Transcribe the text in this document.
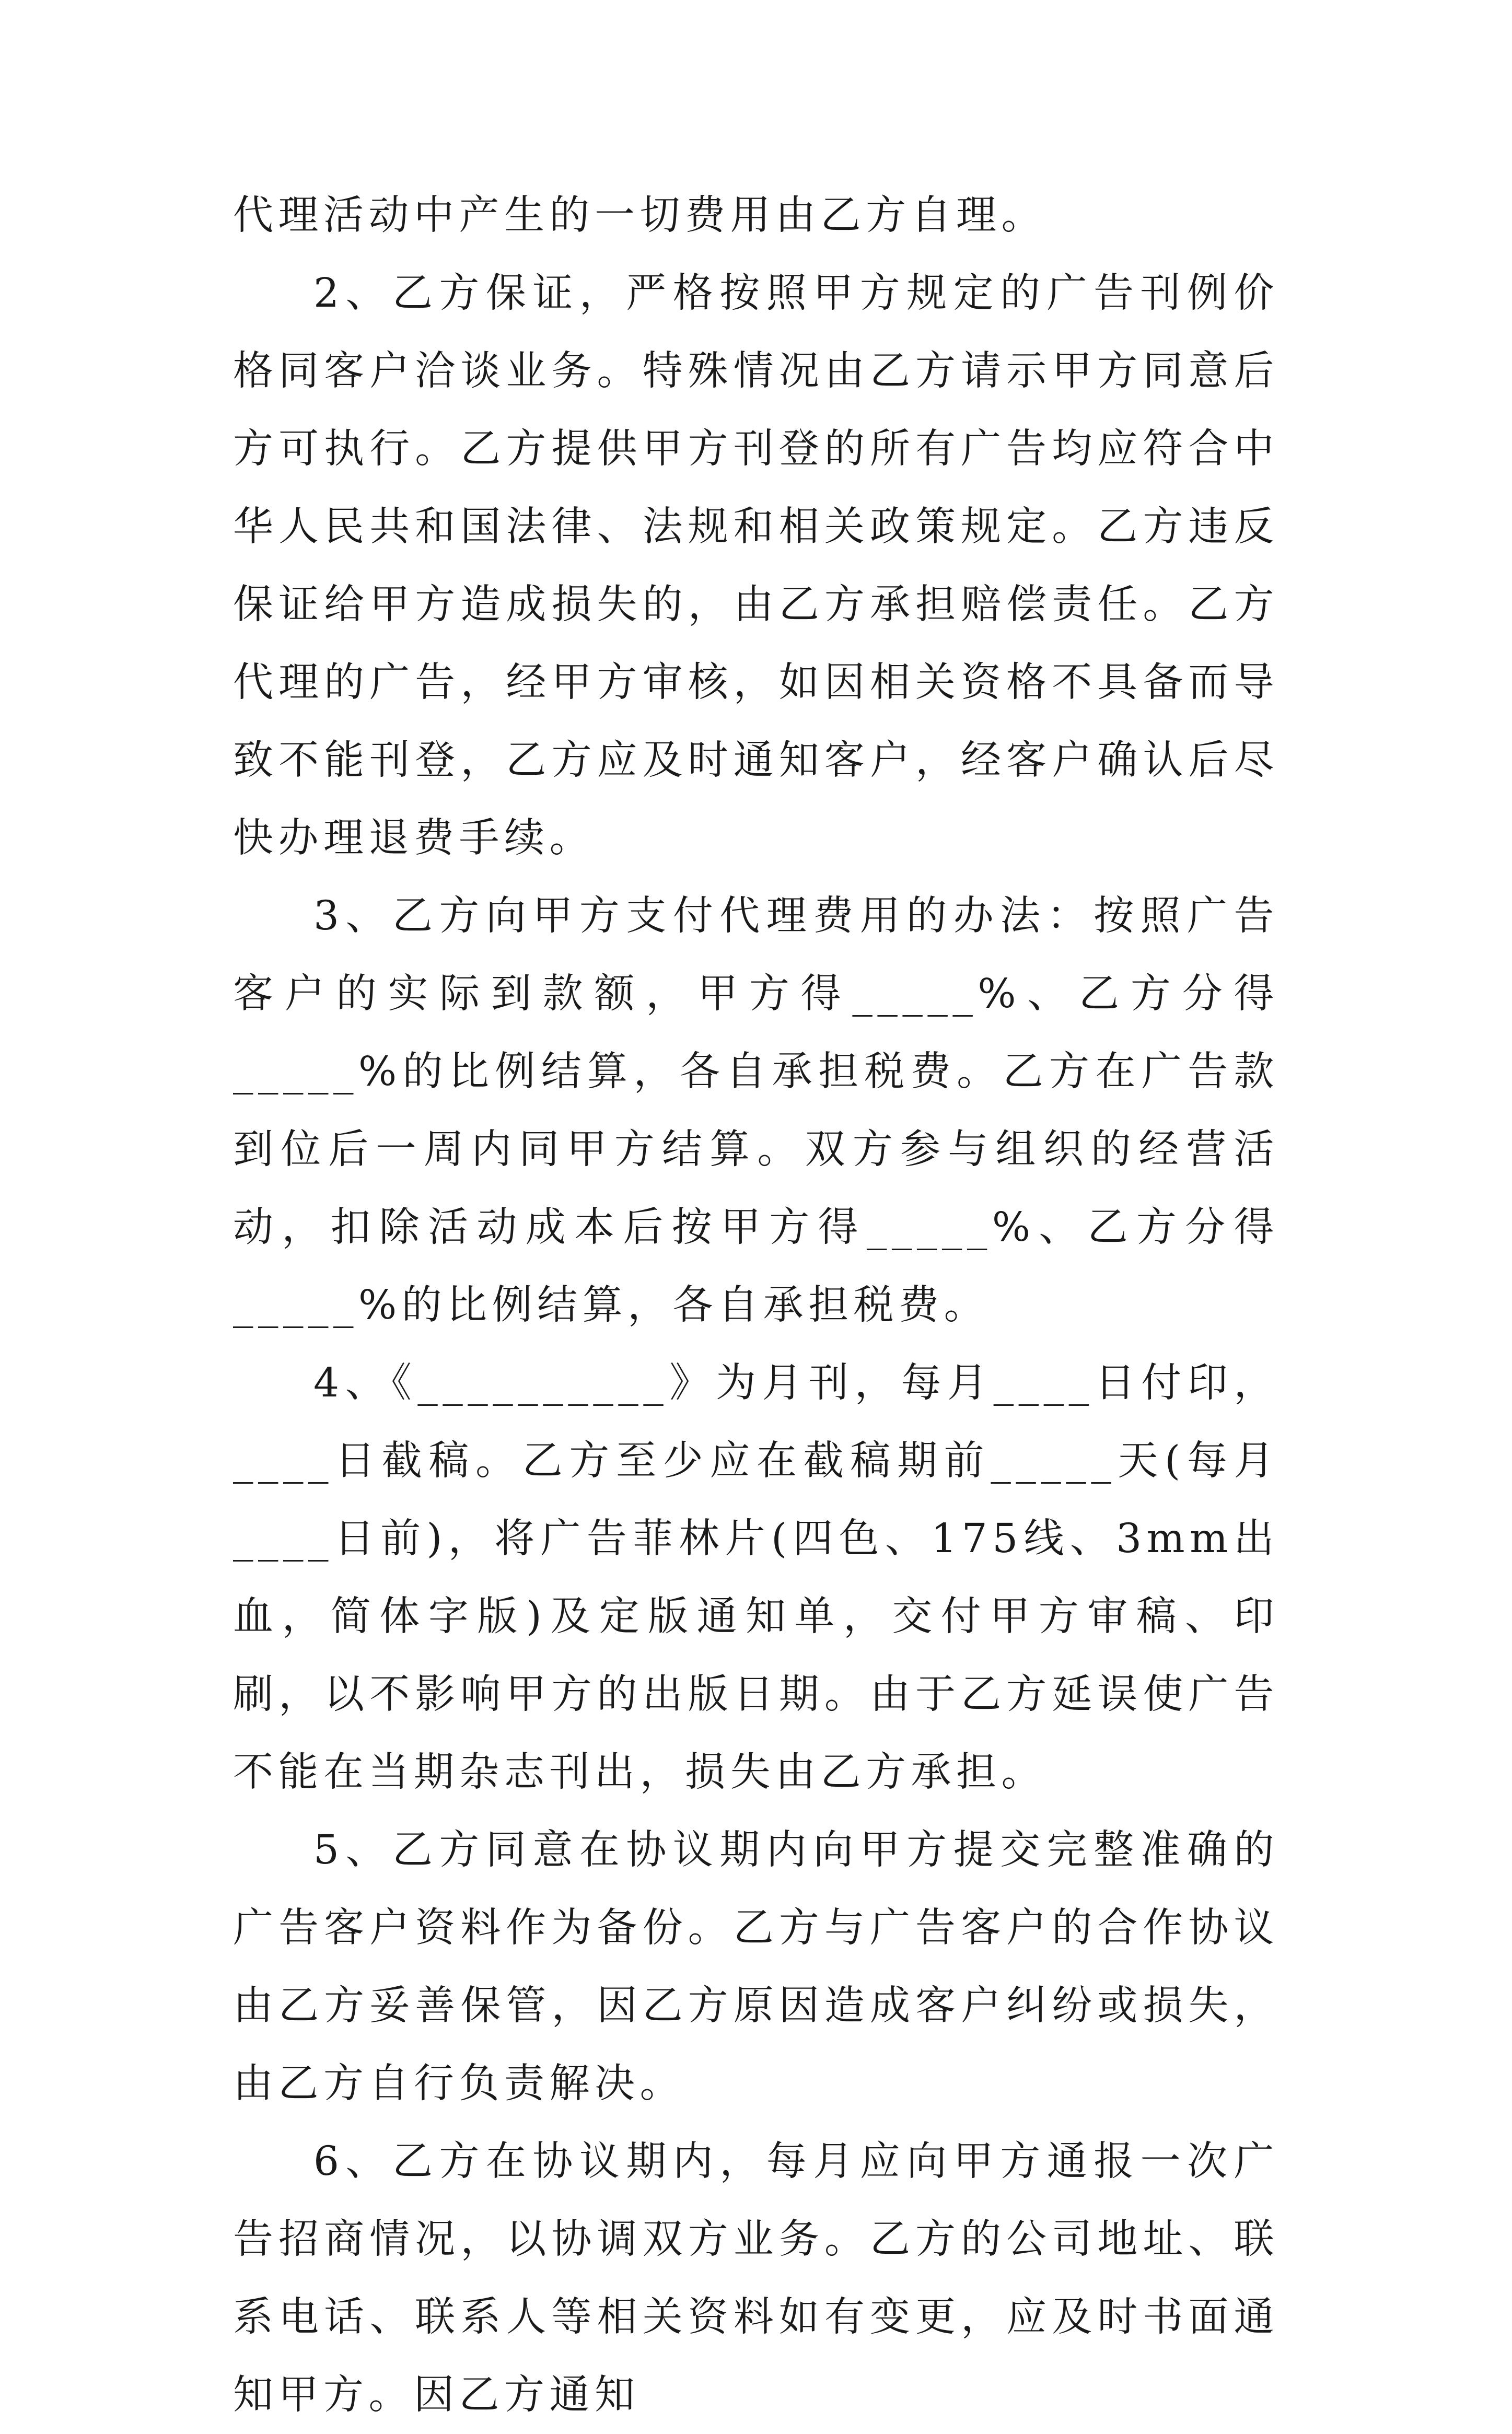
代理活动中产生的一切费用由乙方自理。

2、乙方保证，严格按照甲方规定的广告刊例价格同客户洽谈业务。特殊情况由乙方请示甲方同意后方可执行。乙方提供甲方刊登的所有广告均应符合中华人民共和国法律、法规和相关政策规定。乙方违反保证给甲方造成损失的，由乙方承担赔偿责任。乙方代理的广告，经甲方审核，如因相关资格不具备而导致不能刊登，乙方应及时通知客户，经客户确认后尽快办理退费手续。

3、乙方向甲方支付代理费用的办法：按照广告客户的实际到款额，甲方得_____%、乙方分得_____%的比例结算，各自承担税费。乙方在广告款到位后一周内同甲方结算。双方参与组织的经营活动，扣除活动成本后按甲方得_____%、乙方分得_____%的比例结算，各自承担税费。

4、《__________》为月刊，每月____日付印，____日截稿。乙方至少应在截稿期前_____天(每月____日前)，将广告菲林片(四色、175线、3mm出血，简体字版)及定版通知单，交付甲方审稿、印刷，以不影响甲方的出版日期。由于乙方延误使广告不能在当期杂志刊出，损失由乙方承担。

5、乙方同意在协议期内向甲方提交完整准确的广告客户资料作为备份。乙方与广告客户的合作协议由乙方妥善保管，因乙方原因造成客户纠纷或损失，由乙方自行负责解决。

6、乙方在协议期内，每月应向甲方通报一次广告招商情况，以协调双方业务。乙方的公司地址、联系电话、联系人等相关资料如有变更，应及时书面通知甲方。因乙方通知
